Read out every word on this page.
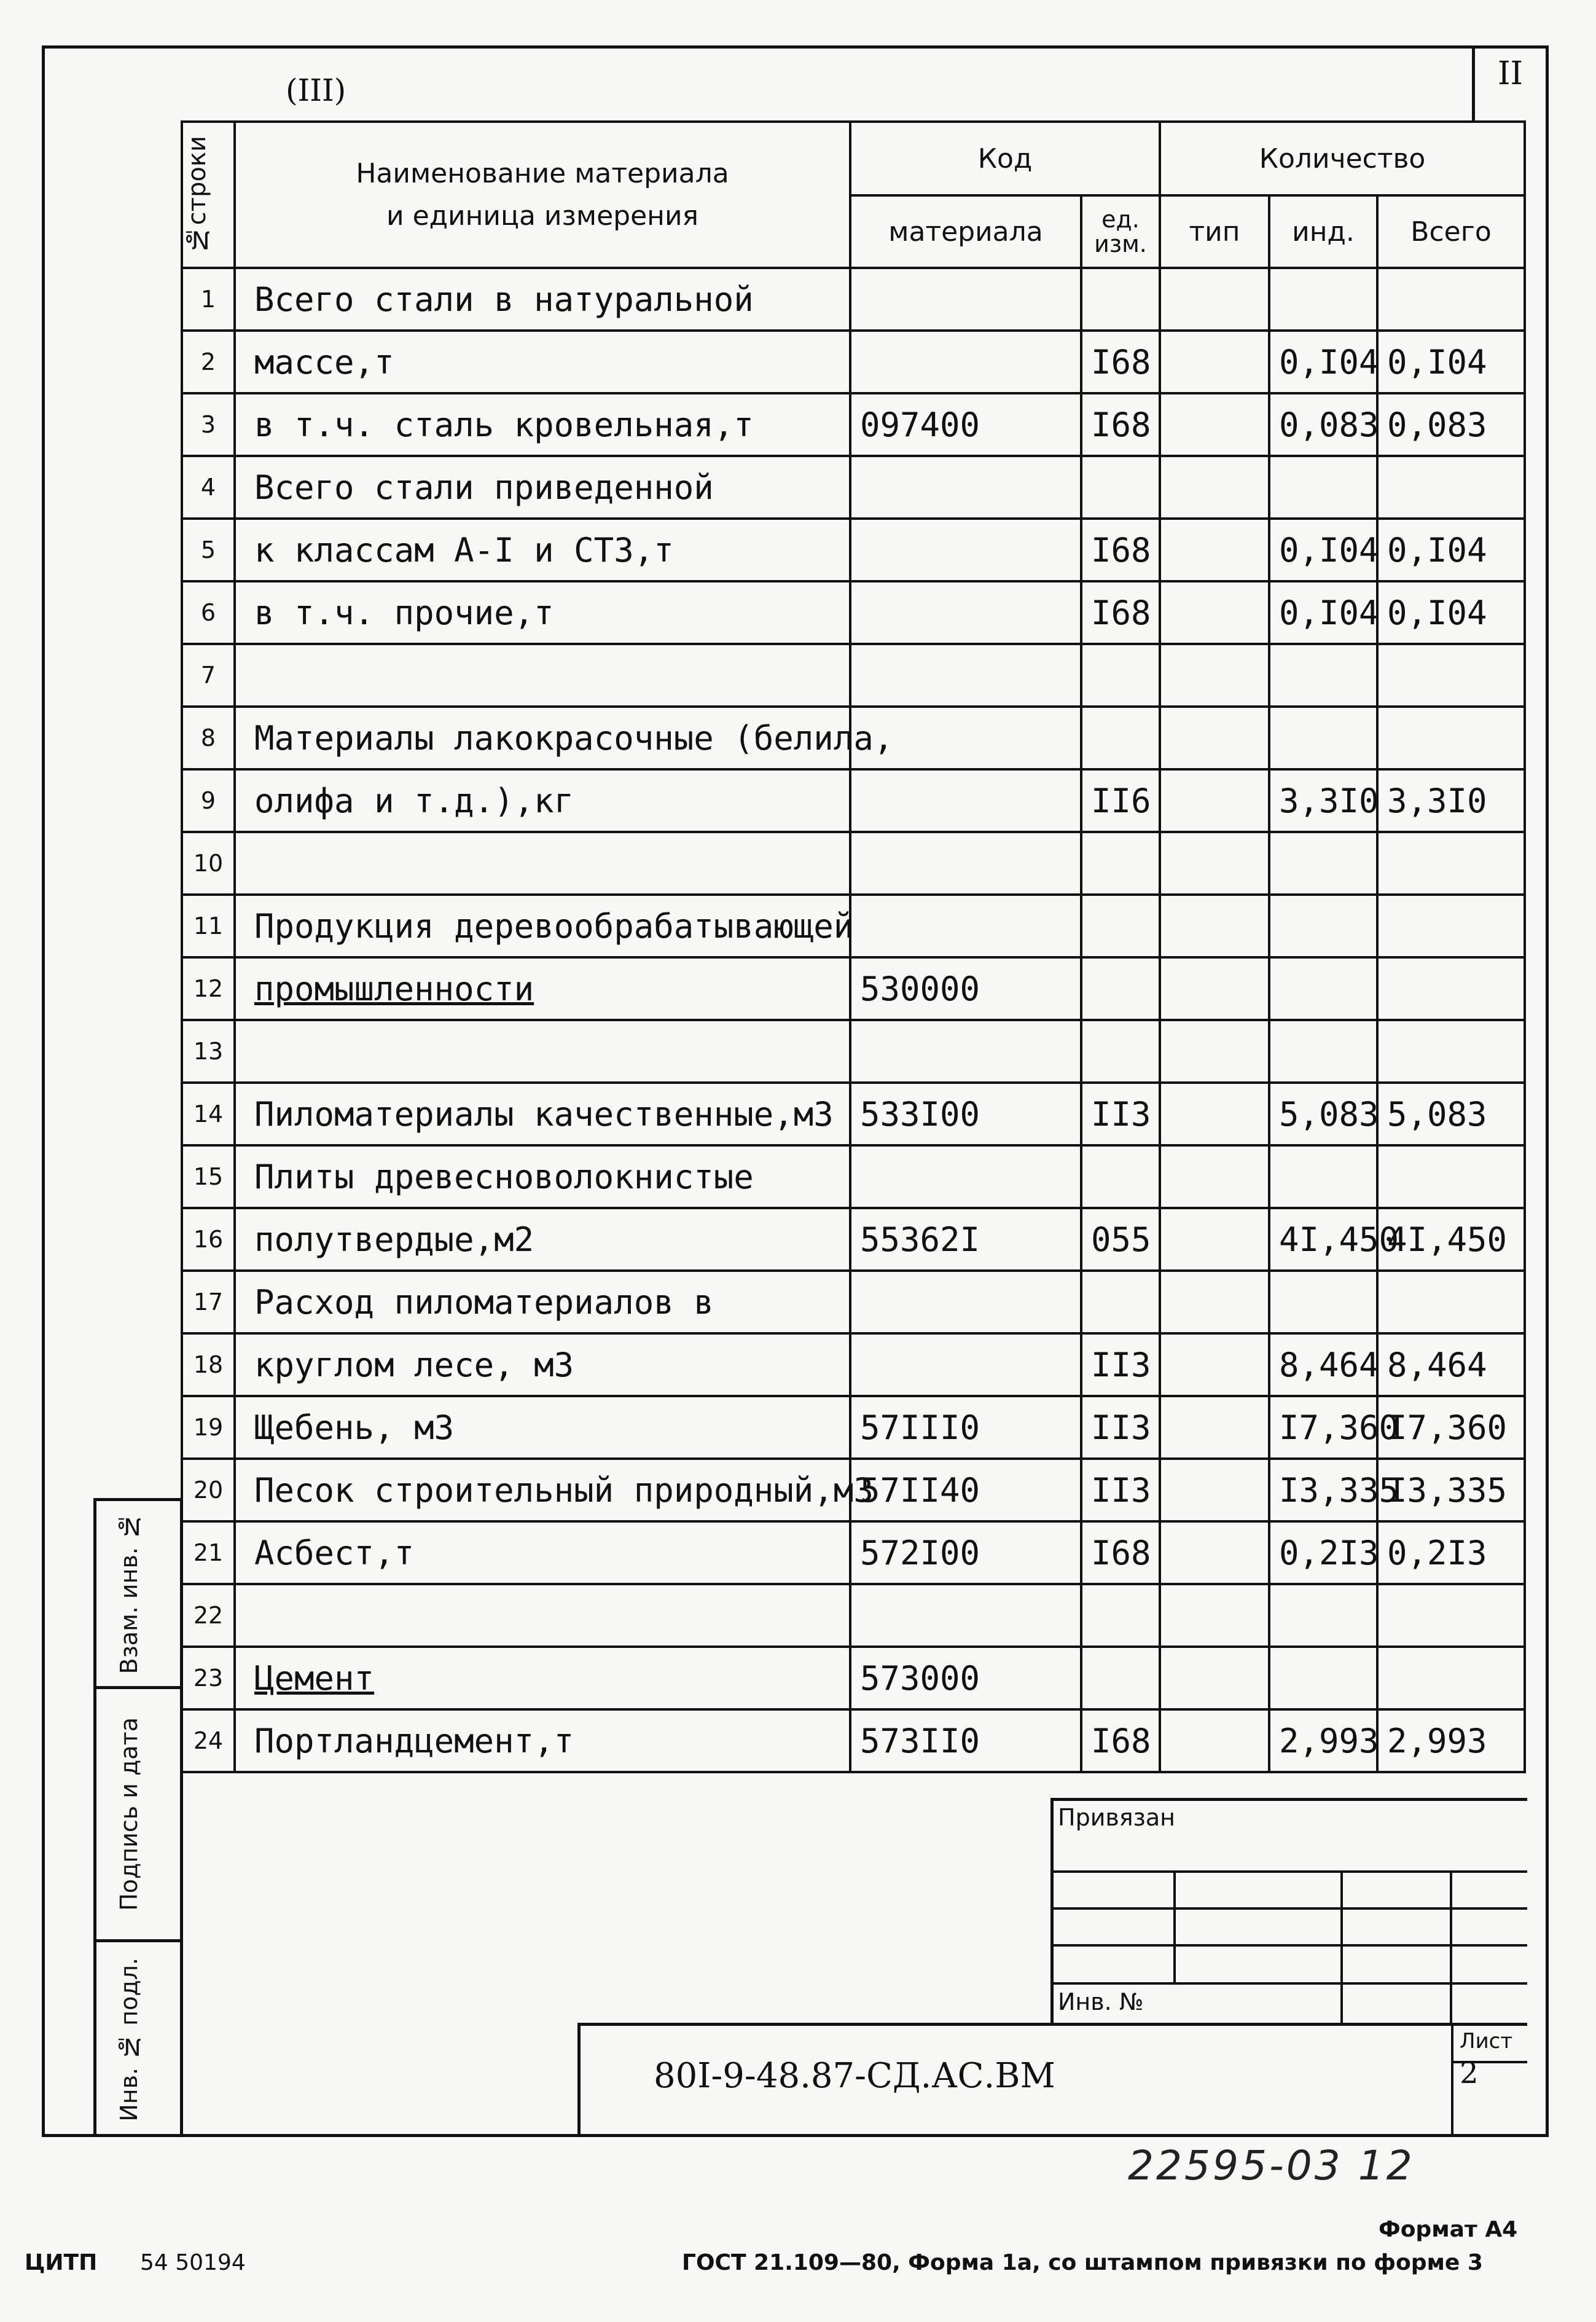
II
(III)
№строки	Наименование материала
и единица измерения	Код		Количество		
		материала	ед. изм.	тип	инд.	Всего
1	Всего стали в натуральной					
2	массе,т		I68		0,I04	0,I04
3	в т.ч. сталь кровельная,т	097400	I68		0,083	0,083
4	Всего стали приведенной					
5	к классам А-I и СТ3,т		I68		0,I04	0,I04
6	в т.ч. прочие,т		I68		0,I04	0,I04
7						
8	Материалы лакокрасочные (белила,					
9	олифа и т.д.),кг		II6		3,3I0	3,3I0
10						
11	Продукция деревообрабатывающей					
12	промышленности	530000				
13						
14	Пиломатериалы качественные,м3	533I00	II3		5,083	5,083
15	Плиты древесноволокнистые					
16	полутвердые,м2	55362I	055		4I,450	4I,450
17	Расход пиломатериалов в					
18	круглом лесе, м3		II3		8,464	8,464
19	Щебень, м3	57III0	II3		I7,360	I7,360
20	Песок строительный природный,м3	57II40	II3		I3,335	I3,335
21	Асбест,т	572I00	I68		0,2I3	0,2I3
22						
23	Цемент	573000				
24	Портландцемент,т	573II0	I68		2,993	2,993
Взам. инв. №
Подпись и дата
Инв. № подл.
Привязан
Инв. №
80I-9-48.87-СД.АС.ВМ
Лист
2
22595-03 12
Формат А4
ЦИТП 54 50194	ГОСТ 21.109—80, Форма 1а, со штампом привязки по форме 3
